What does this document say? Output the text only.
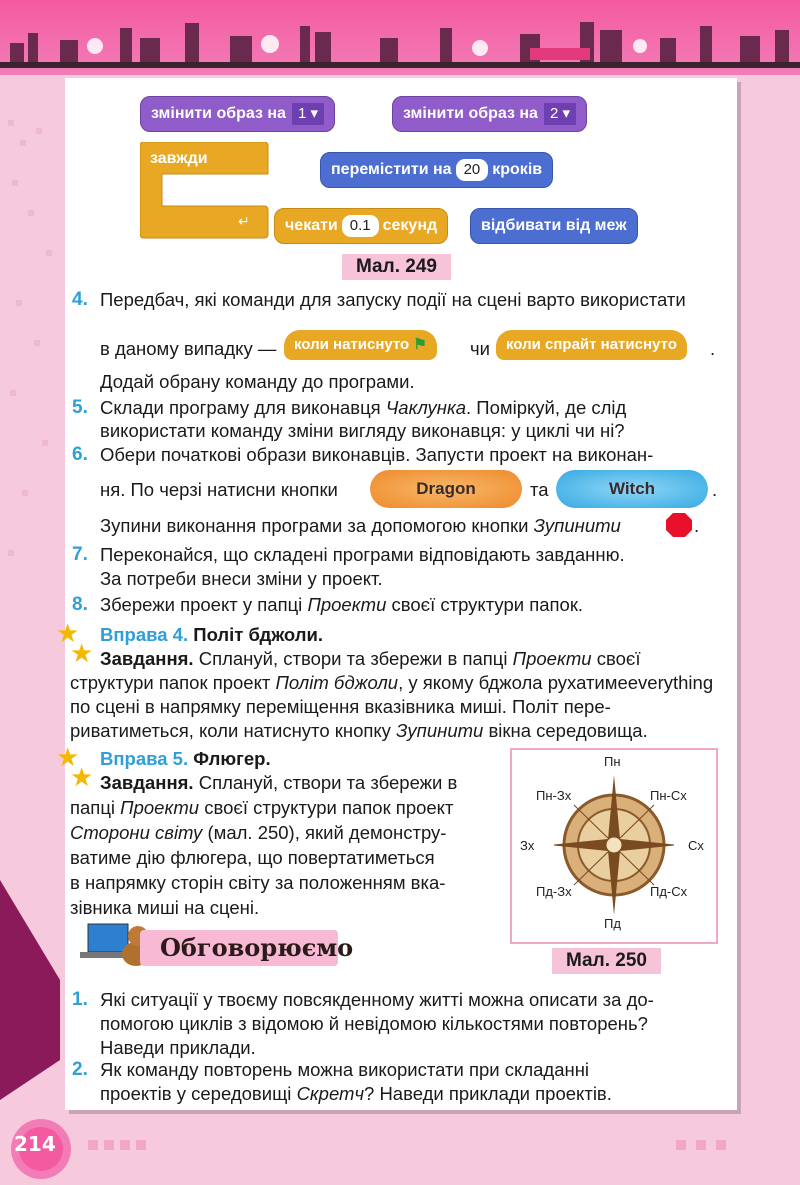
змінити образ на 1 ▾	змінити образ на 2 ▾
↵
завжди
перемістити на 20 кроків
чекати 0.1 секунд	відбивати від меж
Мал. 249
4. Передбач, які команди для запуску події на сцені варто використати
в даному випадку —	коли натиснуто ⚑	чи	коли спрайт натиснуто	.
Додай обрану команду до програми.
5. Склади програму для виконавця Чаклунка. Поміркуй, де слід
використати команду зміни вигляду виконавця: у циклі чи ні?
6. Обери початкові образи виконавців. Запусти проект на виконан-
ня. По черзі натисни кнопки	Dragon	та	Witch	.
Зупини виконання програми за допомогою кнопки Зупинити	.
7. Переконайся, що складені програми відповідають завданню.
За потреби внеси зміни у проект.
8. Збережи проект у папці Проекти своєї структури папок.
★
★
Вправа 4. Політ бджоли.
Завдання. Сплануй, створи та збережи в папці Проекти своєї
структури папок проект Політ бджоли, у якому бджола рухатимеeverything
по сцені в напрямку переміщення вказівника миші. Політ пере-
риватиметься, коли натиснуто кнопку Зупинити вікна середовища.
★
★
Вправа 5. Флюгер.
Завдання. Сплануй, створи та збережи в
папці Проекти своєї структури папок проект
Сторони світу (мал. 250), який демонстру-
ватиме дію флюгера, що повертатиметься
в напрямку сторін світу за положенням вка-
зівника миші на сцені.
Пн
Пн-Зх	Пн-Сх
Зх	Сх
Пд-Зх	Пд-Сх
Пд
Мал. 250
Обговорюємо
1. Які ситуації у твоєму повсякденному житті можна описати за до-
помогою циклів з відомою й невідомою кількостями повторень?
Наведи приклади.
2. Як команду повторень можна використати при складанні
проектів у середовищі Скретч? Наведи приклади проектів.
214
